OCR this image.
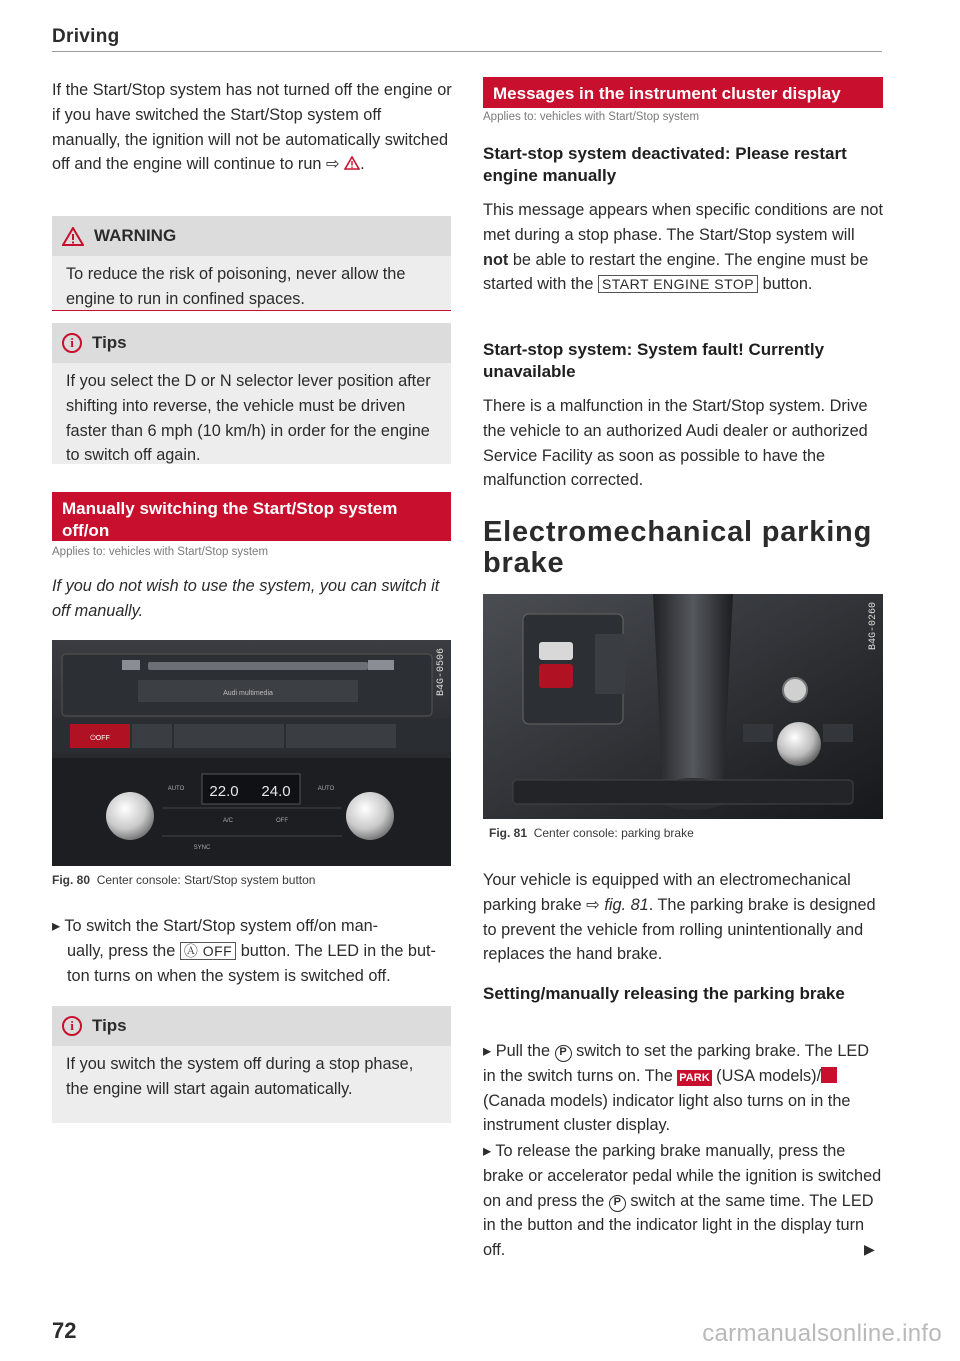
Driving

If the Start/Stop system has not turned off the engine or if you have switched the Start/Stop system off manually, the ignition will not be automatically switched off and the engine will continue to run ⇨ .

WARNING
To reduce the risk of poisoning, never allow the engine to run in confined spaces.
i	Tips
If you select the D or N selector lever position after shifting into reverse, the vehicle must be driven faster than 6 mph (10 km/h) in order for the engine to switch off again.
Manually switching the Start/Stop system off/on
Applies to: vehicles with Start/Stop system

If you do not wish to use the system, you can switch it off manually.

Audi multimedia
⏻OFF
22.0 24.0
AUTO	AUTO
A/C	OFF
SYNC
B4G-0506
Fig. 80 Center console: Start/Stop system button

▸ To switch the Start/Stop system off/on man-

ually, press the Ⓐ OFF button. The LED in the but-

ton turns on when the system is switched off.

i	Tips
If you switch the system off during a stop phase, the engine will start again automatically.
72
Messages in the instrument cluster display
Applies to: vehicles with Start/Stop system
Start-stop system deactivated: Please restart engine manually

This message appears when specific conditions are not met during a stop phase. The Start/Stop system will not be able to restart the engine. The engine must be started with the START ENGINE STOP button.

Start-stop system: System fault! Currently unavailable

There is a malfunction in the Start/Stop system. Drive the vehicle to an authorized Audi dealer or authorized Service Facility as soon as possible to have the malfunction corrected.

Electromechanical parking brake
B4G-0260
Fig. 81 Center console: parking brake

Your vehicle is equipped with an electromechanical parking brake ⇨ fig. 81. The parking brake is designed to prevent the vehicle from rolling unintentionally and replaces the hand brake.

Setting/manually releasing the parking brake

▸ Pull the P switch to set the parking brake. The LED in the switch turns on. The PARK (USA models)/ (Canada models) indicator light also turns on in the instrument cluster display.

▸ To release the parking brake manually, press the brake or accelerator pedal while the ignition is switched on and press the P switch at the same time. The LED in the button and the indicator light in the display turn off.	▶
carmanualsonline.info
